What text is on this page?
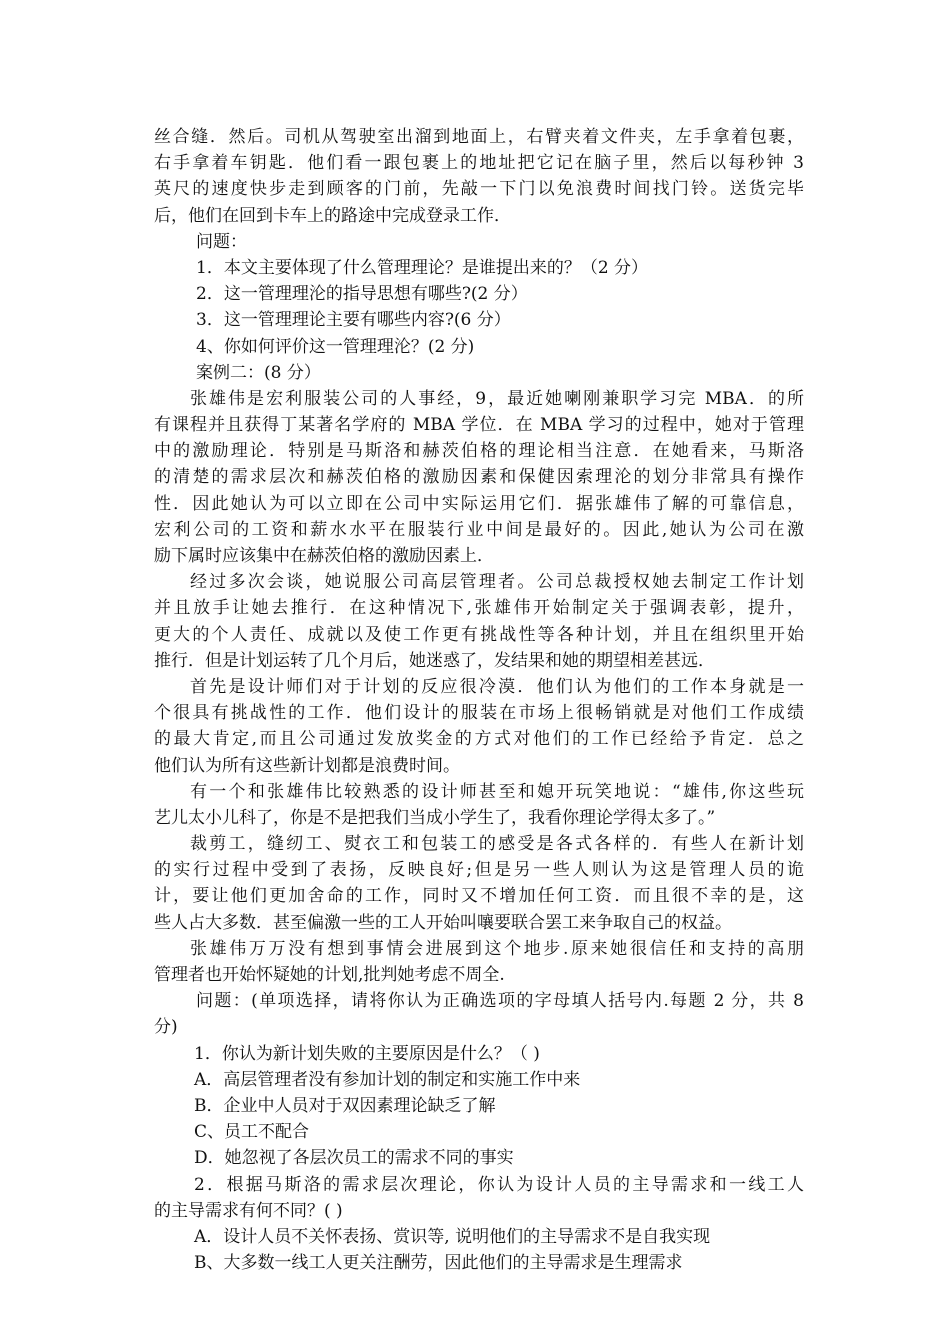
丝合缝．然后。司机从驾驶室出溜到地面上，右臂夹着文件夹，左手拿着包裹，
右手拿着车钥匙．他们看一跟包裹上的地址把它记在脑子里，然后以每秒钟 3
英尺的速度快步走到顾客的门前，先敲一下门以免浪费时间找门铃。送货完毕
后，他们在回到卡车上的路途中完成登录工作．
问题：
1．本文主要体现了什么管理理论？是谁提出来的？（2 分）
2．这一管理理沦的指导思想有哪些?(2 分）
3．这一管理理论主要有哪些内容?(6 分）
4、你如何评价这一管理理沦？(2 分)
案例二：(8 分）
张雄伟是宏利服装公司的人事经，9，最近她喇刚兼职学习完 MBA．的所
有课程并且获得丁某著名学府的 MBA 学位．在 MBA 学习的过程中，她对于管理
中的激励理论．特别是马斯洛和赫茨伯格的理论相当注意．在她看来，马斯洛
的清楚的需求层次和赫茨伯格的激励因素和保健因索理沦的划分非常具有操作
性．因此她认为可以立即在公司中实际运用它们．据张雄伟了解的可靠信息，
宏利公司的工资和薪水水平在服装行业中间是最好的。因此,她认为公司在激
励下属时应该集中在赫茨伯格的激励因素上．
经过多次会谈，她说服公司高层管理者。公司总裁授权她去制定工作计划
并且放手让她去推行．在这种情况下,张雄伟开始制定关于强调表彰，提升，
更大的个人责任、成就以及使工作更有挑战性等各种计划，并且在组织里开始
推行．但是计划运转了几个月后，她迷惑了，发结果和她的期望相差甚远．
首先是设计师们对于计划的反应很冷漠．他们认为他们的工作本身就是一
个很具有挑战性的工作．他们设计的服装在市场上很畅销就是对他们工作成绩
的最大肯定,而且公司通过发放奖金的方式对他们的工作已经给予肯定．总之
他们认为所有这些新计划都是浪费时间。
有一个和张雄伟比较熟悉的设计师甚至和媳开玩笑地说：“雄伟,你这些玩
艺儿太小儿科了，你是不是把我们当成小学生了，我看你理论学得太多了。”
裁剪工，缝纫工、熨衣工和包装工的感受是各式各样的．有些人在新计划
的实行过程中受到了表扬，反映良好;但是另一些人则认为这是管理人员的诡
计，要让他们更加舍命的工作，同时又不增加任何工资．而且很不幸的是，这
些人占大多数．甚至偏激一些的工人开始叫嚷要联合罢工来争取自己的权益。
张雄伟万万没有想到事情会进展到这个地步.原来她很信任和支持的高朋
管理者也开始怀疑她的计划,批判她考虑不周全.
问题：(单项选择，请将你认为正确选项的字母填人括号内.每题 2 分，共 8
分)
1．你认为新计划失败的主要原因是什么？（ )
A．高层管理者没有参加计划的制定和实施工作中来
B．企业中人员对于双因素理论缺乏了解
C、员工不配合
D．她忽视了各层次员工的需求不同的事实
2．根据马斯洛的需求层次理论，你认为设计人员的主导需求和一线工人
的主导需求有何不同？( )
A．设计人员不关怀表扬、赏识等, 说明他们的主导需求不是自我实现
B、大多数一线工人更关注酬劳，因此他们的主导需求是生理需求
